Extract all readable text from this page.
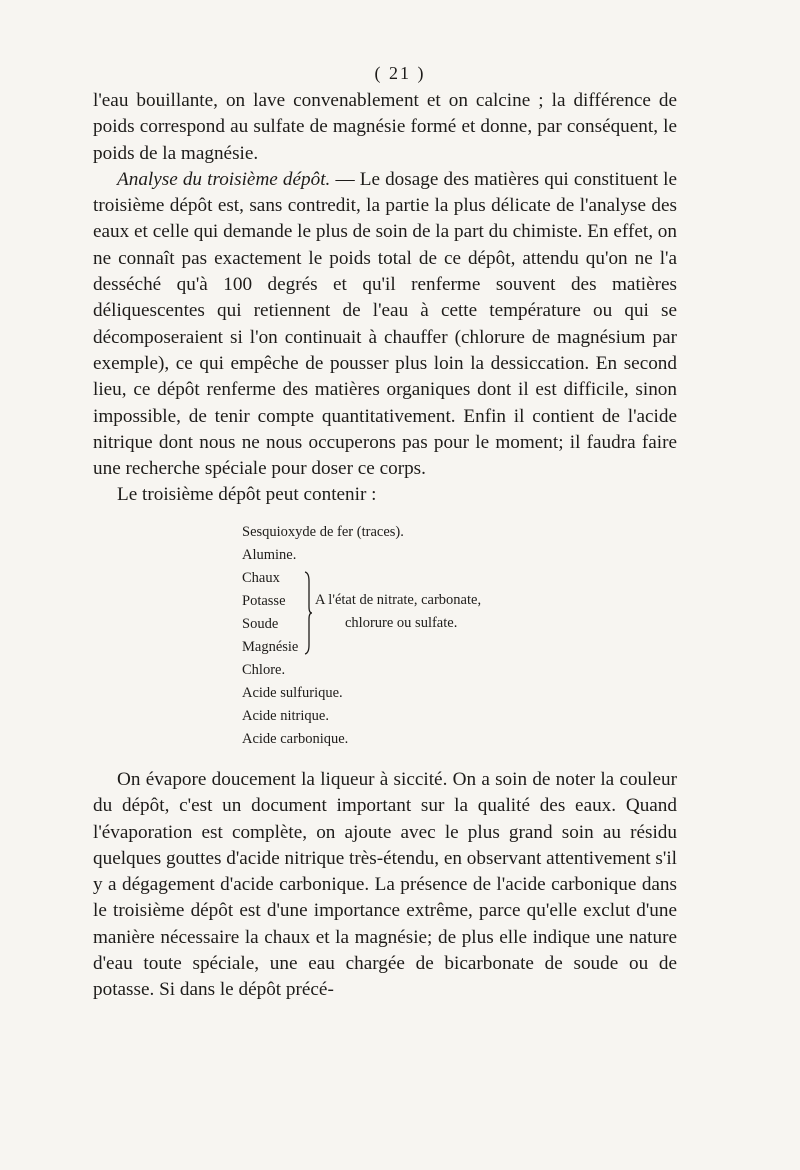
( 21 )

l'eau bouillante, on lave convenablement et on calcine ; la différence de poids correspond au sulfate de magnésie formé et donne, par conséquent, le poids de la magnésie.

Analyse du troisième dépôt. — Le dosage des matières qui constituent le troisième dépôt est, sans contredit, la partie la plus délicate de l'analyse des eaux et celle qui demande le plus de soin de la part du chimiste. En effet, on ne connaît pas exactement le poids total de ce dépôt, attendu qu'on ne l'a desséché qu'à 100 degrés et qu'il renferme souvent des matières déliquescentes qui retiennent de l'eau à cette température ou qui se décomposeraient si l'on continuait à chauffer (chlorure de magnésium par exemple), ce qui empêche de pousser plus loin la dessiccation. En second lieu, ce dépôt renferme des matières organiques dont il est difficile, sinon impossible, de tenir compte quantitativement. Enfin il contient de l'acide nitrique dont nous ne nous occuperons pas pour le moment; il faudra faire une recherche spéciale pour doser ce corps.

Le troisième dépôt peut contenir :

Sesquioxyde de fer (traces).
Alumine.
Chaux
Potasse
Soude
Magnésie
A l'état de nitrate, carbonate,
chlorure ou sulfate.
Chlore.
Acide sulfurique.
Acide nitrique.
Acide carbonique.

On évapore doucement la liqueur à siccité. On a soin de noter la couleur du dépôt, c'est un document important sur la qualité des eaux. Quand l'évaporation est complète, on ajoute avec le plus grand soin au résidu quelques gouttes d'acide nitrique très-étendu, en observant attentivement s'il y a dégagement d'acide carbonique. La présence de l'acide carbonique dans le troisième dépôt est d'une importance extrême, parce qu'elle exclut d'une manière nécessaire la chaux et la magnésie; de plus elle indique une nature d'eau toute spéciale, une eau chargée de bicarbonate de soude ou de potasse. Si dans le dépôt précé-
